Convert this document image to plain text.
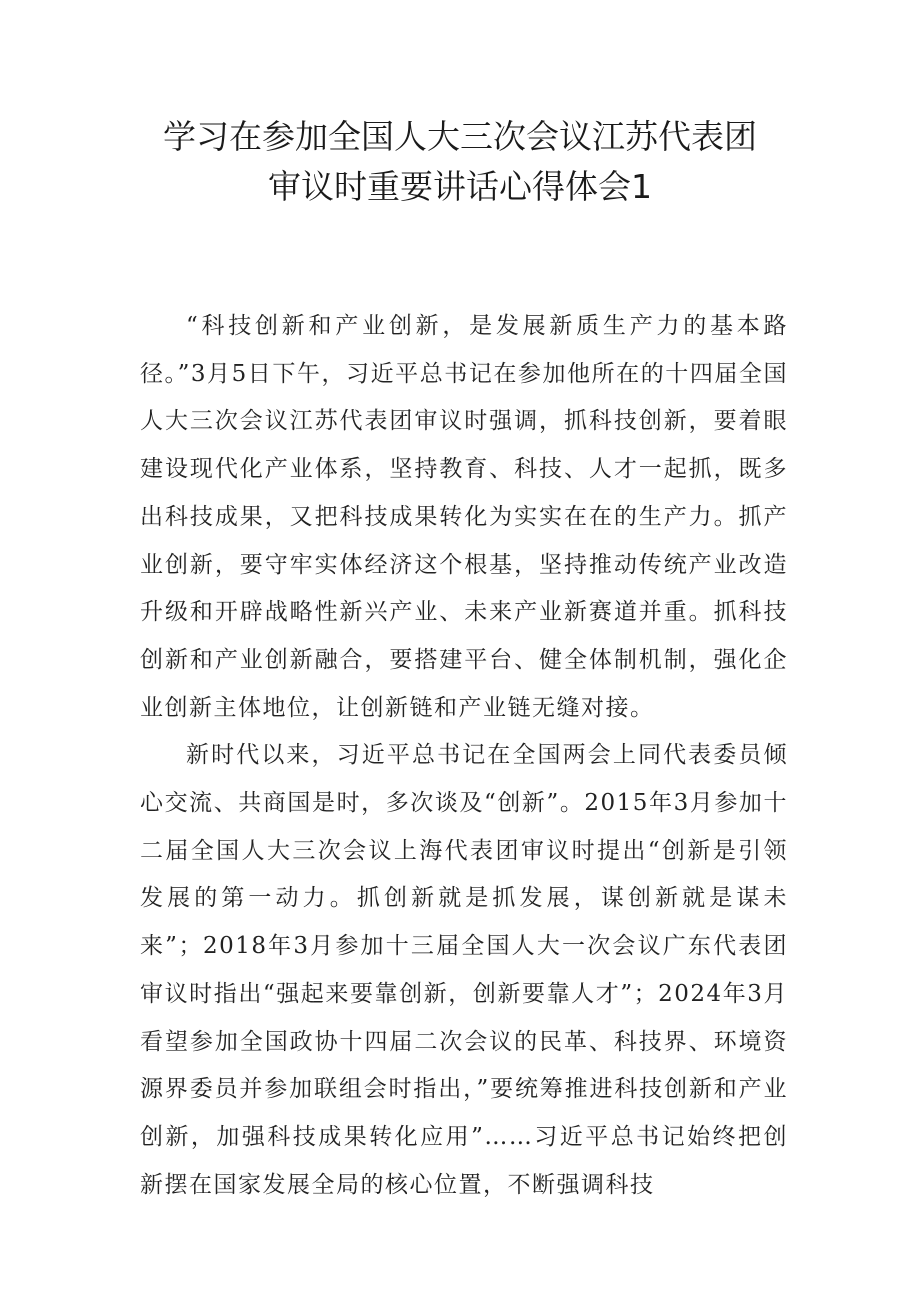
学习在参加全国人大三次会议江苏代表团
审议时重要讲话心得体会1

“科技创新和产业创新，是发展新质生产力的基本路径。”3月5日下午，习近平总书记在参加他所在的十四届全国人大三次会议江苏代表团审议时强调，抓科技创新，要着眼建设现代化产业体系，坚持教育、科技、人才一起抓，既多出科技成果，又把科技成果转化为实实在在的生产力。抓产业创新，要守牢实体经济这个根基，坚持推动传统产业改造升级和开辟战略性新兴产业、未来产业新赛道并重。抓科技创新和产业创新融合，要搭建平台、健全体制机制，强化企业创新主体地位，让创新链和产业链无缝对接。

新时代以来，习近平总书记在全国两会上同代表委员倾心交流、共商国是时，多次谈及“创新”。2015年3月参加十二届全国人大三次会议上海代表团审议时提出“创新是引领发展的第一动力。抓创新就是抓发展，谋创新就是谋未来”；2018年3月参加十三届全国人大一次会议广东代表团审议时指出“强起来要靠创新，创新要靠人才”；2024年3月看望参加全国政协十四届二次会议的民革、科技界、环境资源界委员并参加联组会时指出，”要统筹推进科技创新和产业创新，加强科技成果转化应用”……习近平总书记始终把创新摆在国家发展全局的核心位置，不断强调科技
